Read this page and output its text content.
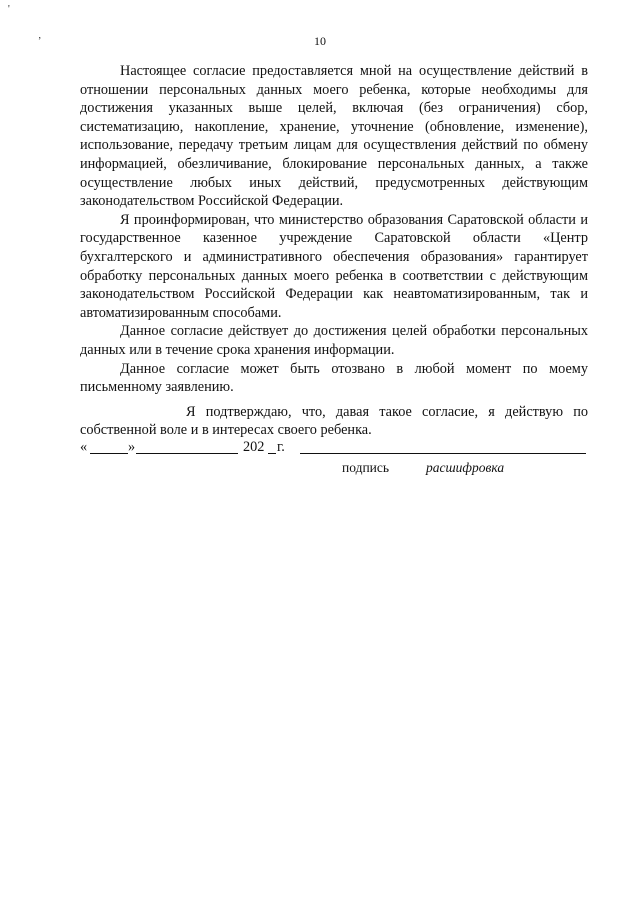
'
’	10

Настоящее согласие предоставляется мной на осуществление действий в отношении персональных данных моего ребенка, которые необходимы для достижения указанных выше целей, включая (без ограничения) сбор, систематизацию, накопление, хранение, уточнение (обновление, изменение), использование, передачу третьим лицам для осуществления действий по обмену информацией, обезличивание, блокирование персональных данных, а также осуществление любых иных действий, предусмотренных действующим законодательством Российской Федерации.

Я проинформирован, что министерство образования Саратовской области и государственное казенное учреждение Саратовской области «Центр бухгалтерского и административного обеспечения образования» гарантирует обработку персональных данных моего ребенка в соответствии с действующим законодательством Российской Федерации как неавтоматизированным, так и автоматизированным способами.

Данное согласие действует до достижения целей обработки персональных данных или в течение срока хранения информации.

Данное согласие может быть отозвано в любой момент по моему письменному заявлению.

Я подтверждаю, что, давая такое согласие, я действую по собственной воле и в интересах своего ребенка.

«	»	202 г.
подпись	расшифровка
